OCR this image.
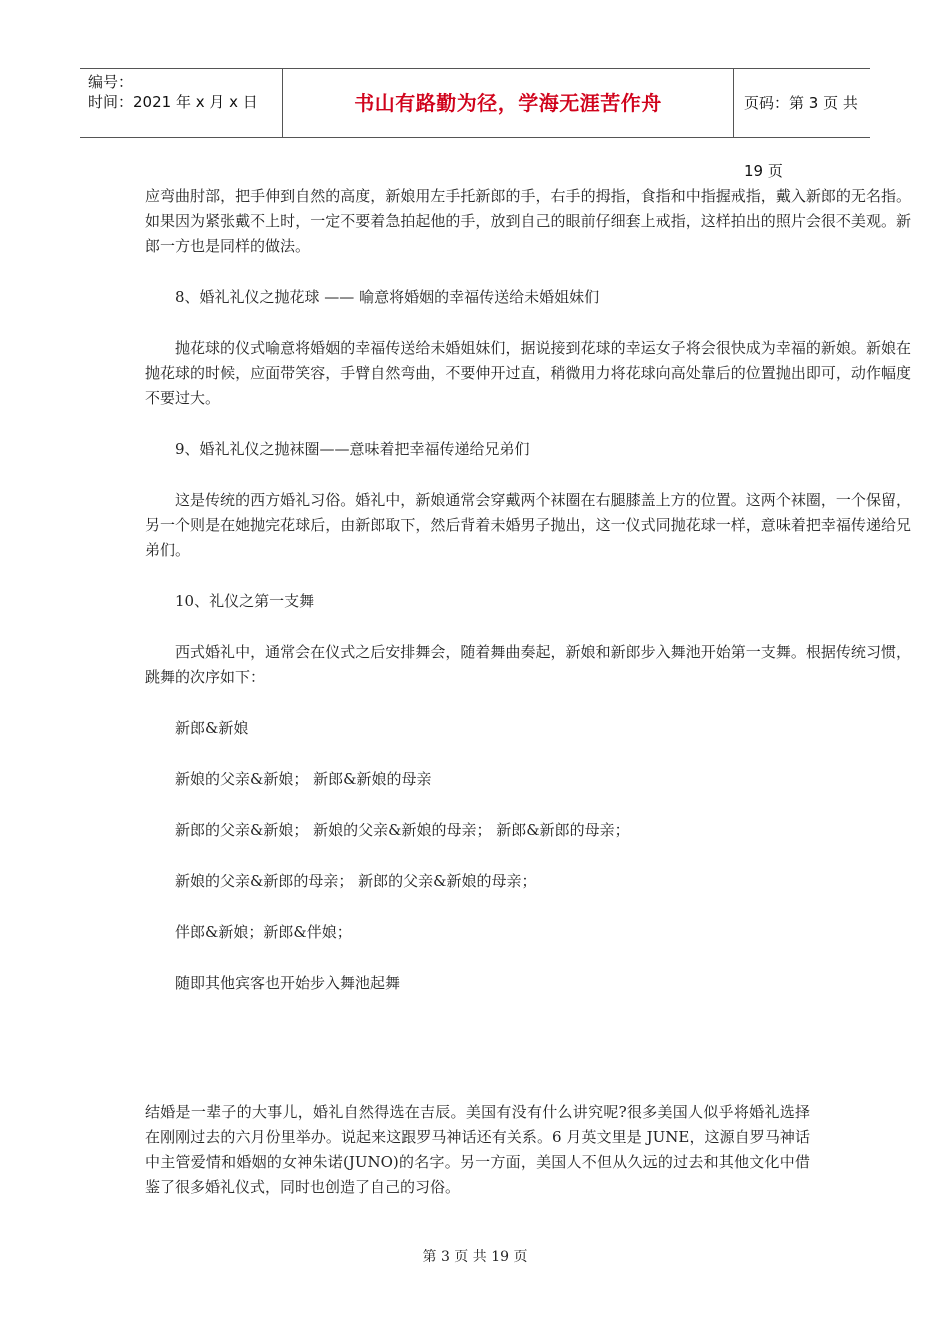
编号：
时间：2021 年 x 月 x 日	书山有路勤为径，学海无涯苦作舟	页码：第 3 页 共 19 页

应弯曲肘部，把手伸到自然的高度，新娘用左手托新郎的手，右手的拇指，食指和中指握戒指，戴入新郎的无名指。如果因为紧张戴不上时，一定不要着急拍起他的手，放到自己的眼前仔细套上戒指，这样拍出的照片会很不美观。新郎一方也是同样的做法。

8、婚礼礼仪之抛花球 —— 喻意将婚姻的幸福传送给未婚姐妹们

抛花球的仪式喻意将婚姻的幸福传送给未婚姐妹们，据说接到花球的幸运女子将会很快成为幸福的新娘。新娘在抛花球的时候，应面带笑容，手臂自然弯曲，不要伸开过直，稍微用力将花球向高处靠后的位置抛出即可，动作幅度不要过大。

9、婚礼礼仪之抛袜圈——意味着把幸福传递给兄弟们

这是传统的西方婚礼习俗。婚礼中，新娘通常会穿戴两个袜圈在右腿膝盖上方的位置。这两个袜圈，一个保留，另一个则是在她抛完花球后，由新郎取下，然后背着未婚男子抛出，这一仪式同抛花球一样，意味着把幸福传递给兄弟们。

10、礼仪之第一支舞

西式婚礼中，通常会在仪式之后安排舞会，随着舞曲奏起，新娘和新郎步入舞池开始第一支舞。根据传统习惯，跳舞的次序如下：

新郎&新娘

新娘的父亲&新娘； 新郎&新娘的母亲

新郎的父亲&新娘； 新娘的父亲&新娘的母亲； 新郎&新郎的母亲；

新娘的父亲&新郎的母亲； 新郎的父亲&新娘的母亲；

伴郎&新娘；新郎&伴娘；

随即其他宾客也开始步入舞池起舞

结婚是一辈子的大事儿，婚礼自然得选在吉辰。美国有没有什么讲究呢?很多美国人似乎将婚礼选择在刚刚过去的六月份里举办。说起来这跟罗马神话还有关系。6 月英文里是 JUNE，这源自罗马神话中主管爱情和婚姻的女神朱诺(JUNO)的名字。另一方面，美国人不但从久远的过去和其他文化中借鉴了很多婚礼仪式，同时也创造了自己的习俗。
第 3 页 共 19 页
